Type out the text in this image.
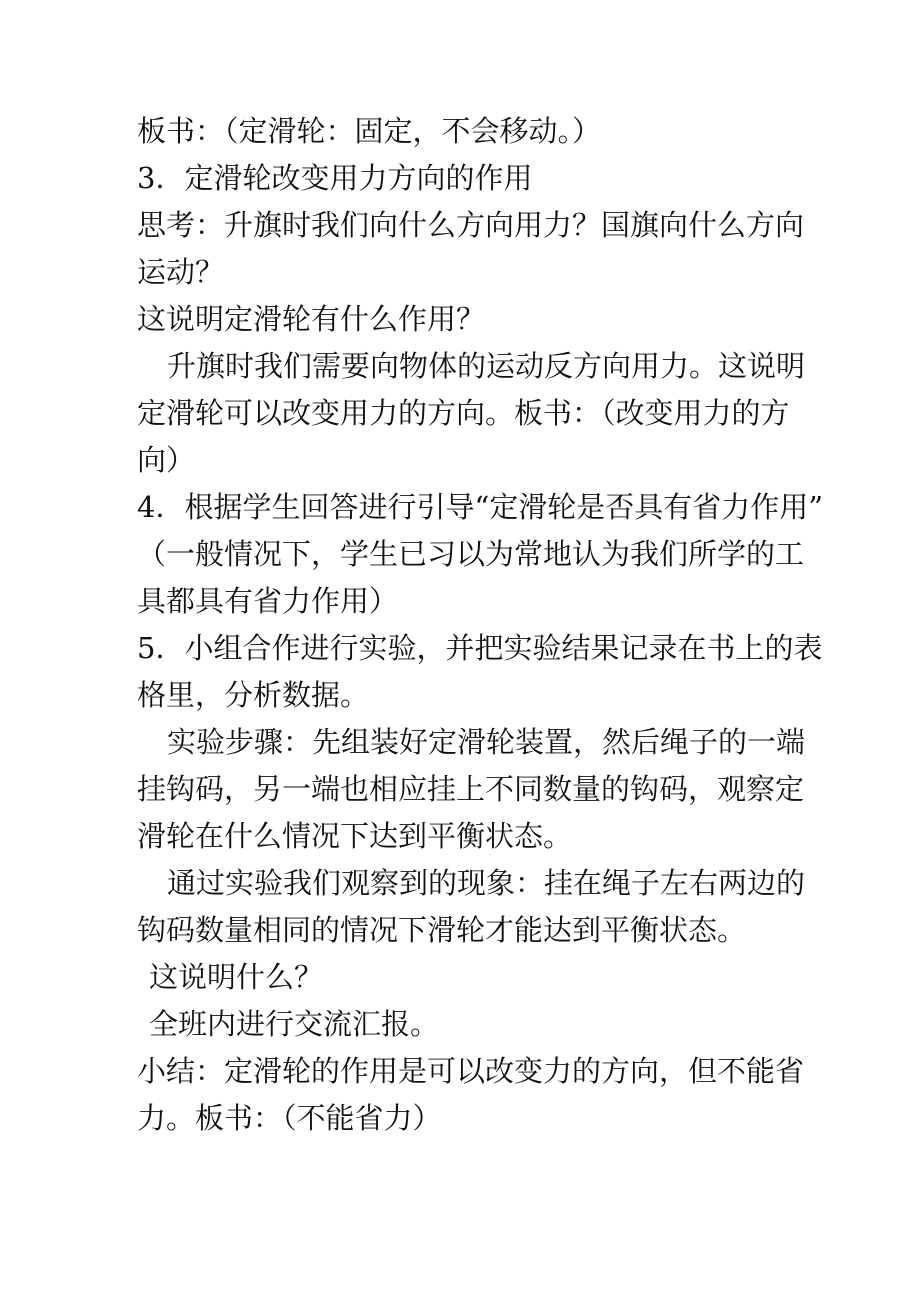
板书：（定滑轮：固定，不会移动。）

3．定滑轮改变用力方向的作用

思考：升旗时我们向什么方向用力？国旗向什么方向

运动？

这说明定滑轮有什么作用？

升旗时我们需要向物体的运动反方向用力。这说明

定滑轮可以改变用力的方向。板书：（改变用力的方

向）

4．根据学生回答进行引导“定滑轮是否具有省力作用”

（一般情况下，学生已习以为常地认为我们所学的工

具都具有省力作用）

5．小组合作进行实验，并把实验结果记录在书上的表

格里，分析数据。

实验步骤：先组装好定滑轮装置，然后绳子的一端

挂钩码，另一端也相应挂上不同数量的钩码，观察定

滑轮在什么情况下达到平衡状态。

通过实验我们观察到的现象：挂在绳子左右两边的

钩码数量相同的情况下滑轮才能达到平衡状态。

这说明什么？

全班内进行交流汇报。

小结：定滑轮的作用是可以改变力的方向，但不能省

力。板书：（不能省力）
